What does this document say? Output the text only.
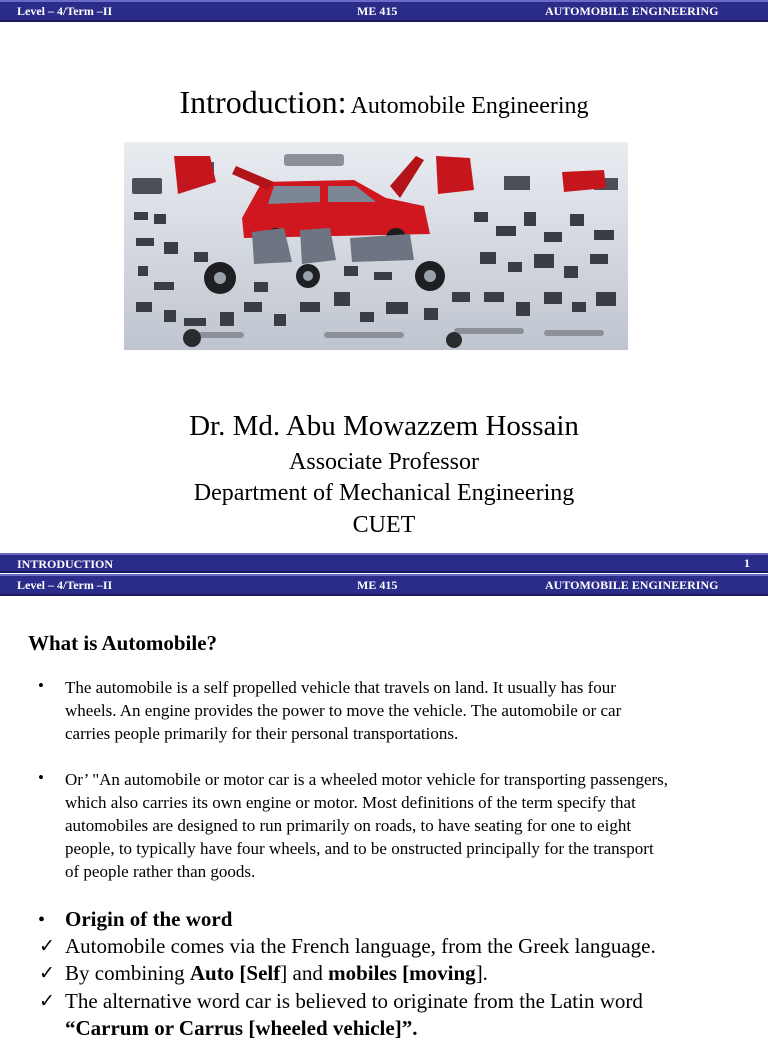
Level – 4/Term –II	ME 415	AUTOMOBILE ENGINEERING
Introduction: Automobile Engineering
Dr. Md. Abu Mowazzem Hossain
Associate Professor
Department of Mechanical Engineering
CUET
INTRODUCTION	1
Level – 4/Term –II	ME 415	AUTOMOBILE ENGINEERING
What is Automobile?
• The automobile is a self propelled vehicle that travels on land. It usually has four
wheels. An engine provides the power to move the vehicle. The automobile or car
carries people primarily for their personal transportations.
• Or’ "An automobile or motor car is a wheeled motor vehicle for transporting passengers,
which also carries its own engine or motor. Most definitions of the term specify that
automobiles are designed to run primarily on roads, to have seating for one to eight
people, to typically have four wheels, and to be onstructed principally for the transport
of people rather than goods.
• Origin of the word
✓ Automobile comes via the French language, from the Greek language.
✓ By combining Auto [Self] and mobiles [moving].
✓ The alternative word car is believed to originate from the Latin word
“Carrum or Carrus [wheeled vehicle]”.
